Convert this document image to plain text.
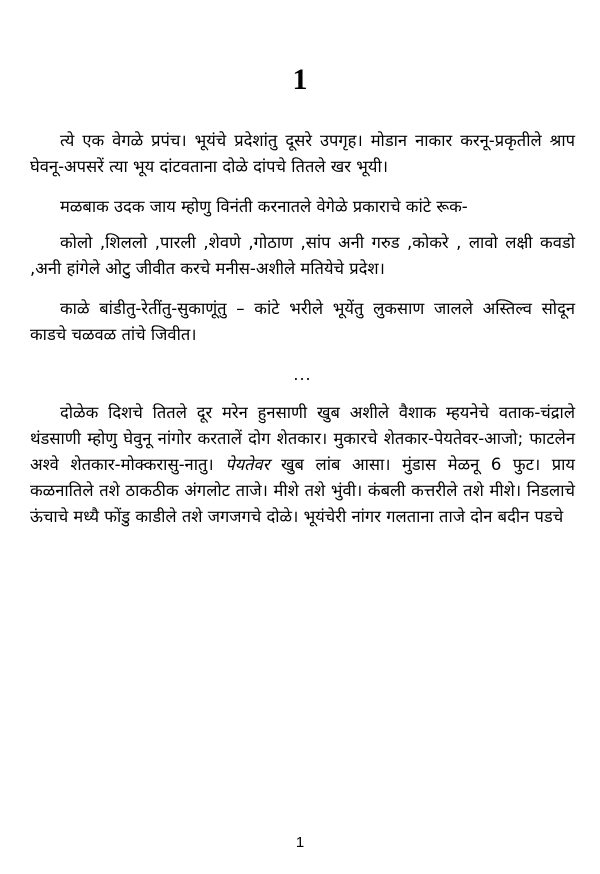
1

त्ये एक वेगळे प्रपंच। भूयंचे प्रदेशांतु दूसरे उपगृह। मोडान नाकार करनू-प्रकृतीले श्राप घेवनू-अपसरें त्या भूय दांटवताना दोळे दांपचे तितले खर भूयी।

मळबाक उदक जाय म्होणु विनंती करनातले वेगेळे प्रकाराचे कांटे रूक-

कोलो ,शिललो ,पारली ,शेवणे ,गोठाण ,सांप अनी गरुड ,कोकरे , लावो लक्षी कवडो ,अनी हांगेले ओटु जीवीत करचे मनीस-अशीले मतियेचे प्रदेश।

काळे बांडीतु-रेतींतु-सुकाणूंतु – कांटे भरीले भूयेंतु लुकसाण जालले अस्तिल्व सोदून काडचे चळवळ तांचे जिवीत।

...

दोळेक दिशचे तितले दूर मरेन हुनसाणी खुब अशीले वैशाक म्हयनेचे वताक-चंद्राले थंडसाणी म्होणु घेवुनू नांगोर करतालें दोग शेतकार। मुकारचे शेतकार-पेयतेवर-आजो; फाटलेन अश्वे शेतकार-मोक्करासु-नातु। पेयतेवर खुब लांब आसा। मुंडास मेळनू 6 फुट। प्राय कळनातिले तशे ठाकठीक अंगलोट ताजे। मीशे तशे भुंवी। कंबली कत्तरीले तशे मीशे। निडलाचे ऊंचाचे मध्यै फोंडु काडीले तशे जगजगचे दोळे। भूयंचेरी नांगर गलताना ताजे दोन बदीन पडचे

1
